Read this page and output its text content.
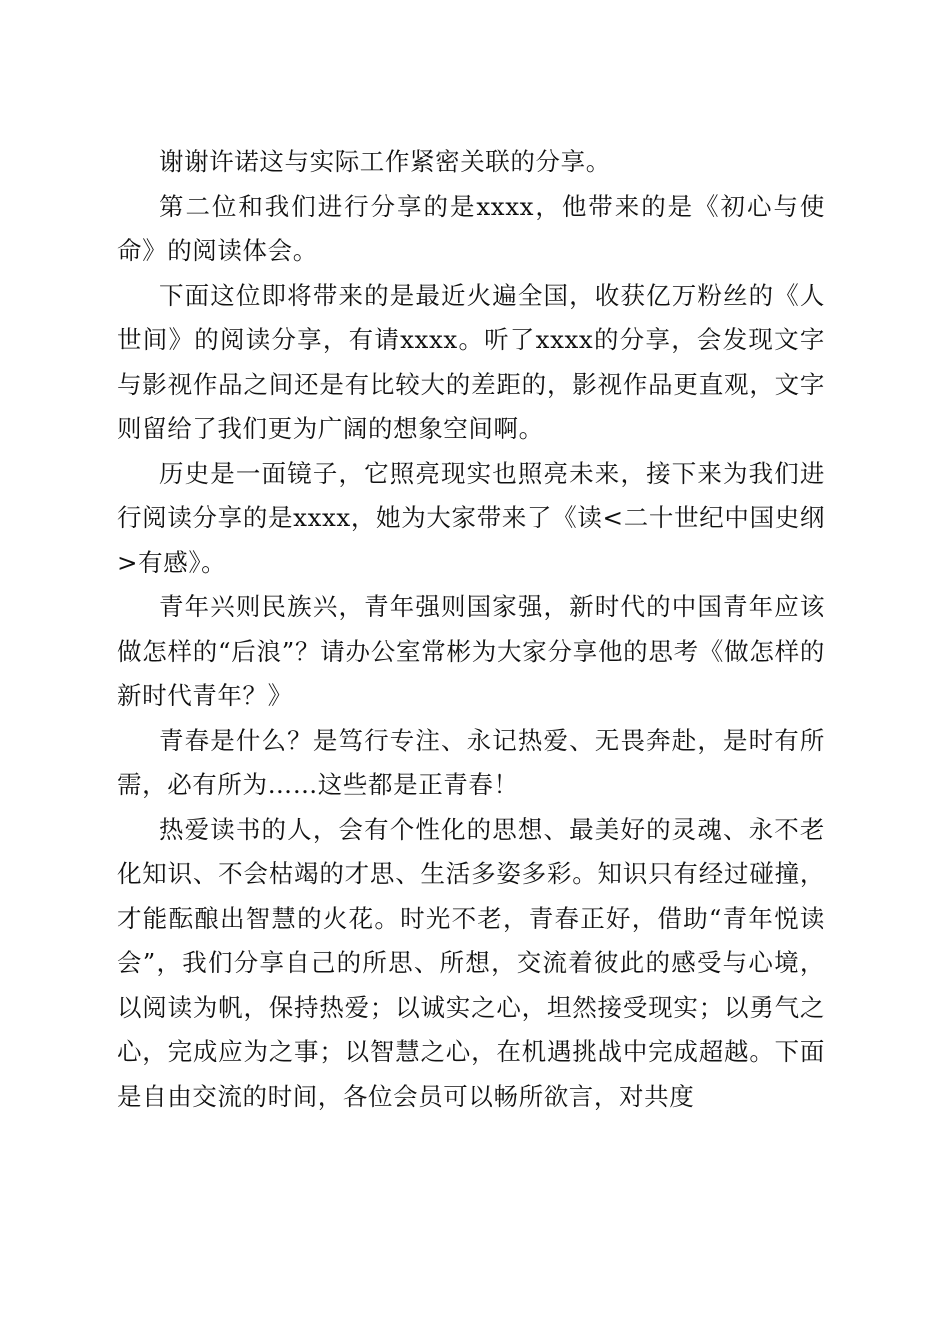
谢谢许诺这与实际工作紧密关联的分享。

第二位和我们进行分享的是xxxx，他带来的是《初心与使命》的阅读体会。

下面这位即将带来的是最近火遍全国，收获亿万粉丝的《人世间》的阅读分享，有请xxxx。听了xxxx的分享，会发现文字与影视作品之间还是有比较大的差距的，影视作品更直观，文字则留给了我们更为广阔的想象空间啊。

历史是一面镜子，它照亮现实也照亮未来，接下来为我们进行阅读分享的是xxxx，她为大家带来了《读<二十世纪中国史纲>有感》。

青年兴则民族兴，青年强则国家强，新时代的中国青年应该做怎样的“后浪”？请办公室常彬为大家分享他的思考《做怎样的新时代青年？》

青春是什么？是笃行专注、永记热爱、无畏奔赴，是时有所需，必有所为……这些都是正青春！

热爱读书的人，会有个性化的思想、最美好的灵魂、永不老化知识、不会枯竭的才思、生活多姿多彩。知识只有经过碰撞，才能酝酿出智慧的火花。时光不老，青春正好，借助“青年悦读会”，我们分享自己的所思、所想，交流着彼此的感受与心境，以阅读为帆，保持热爱；以诚实之心，坦然接受现实；以勇气之心，完成应为之事；以智慧之心，在机遇挑战中完成超越。下面是自由交流的时间，各位会员可以畅所欲言，对共度
